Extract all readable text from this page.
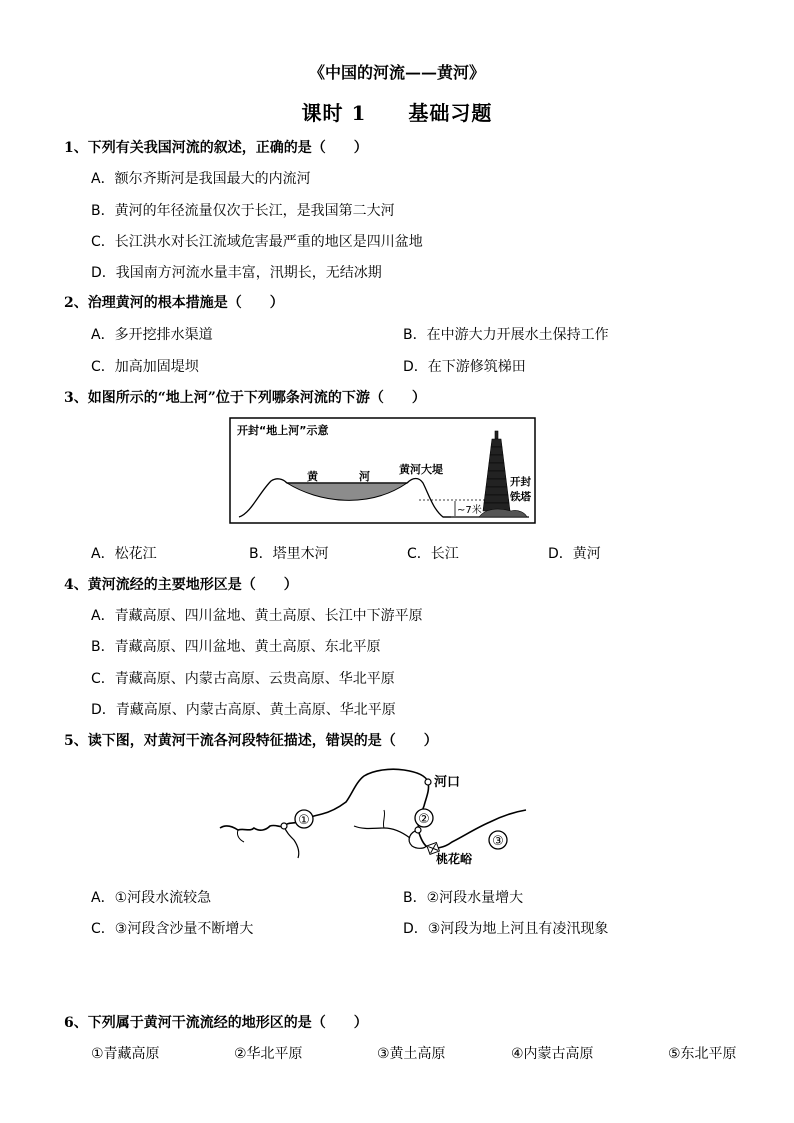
《中国的河流——黄河》
课时 1　　基础习题
1、下列有关我国河流的叙述，正确的是（　　）
A．额尔齐斯河是我国最大的内流河
B．黄河的年径流量仅次于长江，是我国第二大河
C．长江洪水对长江流域危害最严重的地区是四川盆地
D．我国南方河流水量丰富，汛期长，无结冰期
2、治理黄河的根本措施是（　　）
A．多开挖排水渠道	B．在中游大力开展水土保持工作
C．加高加固堤坝	D．在下游修筑梯田
3、如图所示的“地上河”位于下列哪条河流的下游（　　）
开封“地上河”示意
~7米
黄	河
黄河大堤
开封
铁塔
A．松花江	B．塔里木河	C．长江	D．黄河
4、黄河流经的主要地形区是（　　）
A．青藏高原、四川盆地、黄土高原、长江中下游平原
B．青藏高原、四川盆地、黄土高原、东北平原
C．青藏高原、内蒙古高原、云贵高原、华北平原
D．青藏高原、内蒙古高原、黄土高原、华北平原
5、读下图，对黄河干流各河段特征描述，错误的是（　　）
①	②
③
河口
桃花峪
A．①河段水流较急	B．②河段水量增大
C．③河段含沙量不断增大	D．③河段为地上河且有凌汛现象
6、下列属于黄河干流流经的地形区的是（　　）
①青藏高原	②华北平原	③黄土高原	④内蒙古高原	⑤东北平原
